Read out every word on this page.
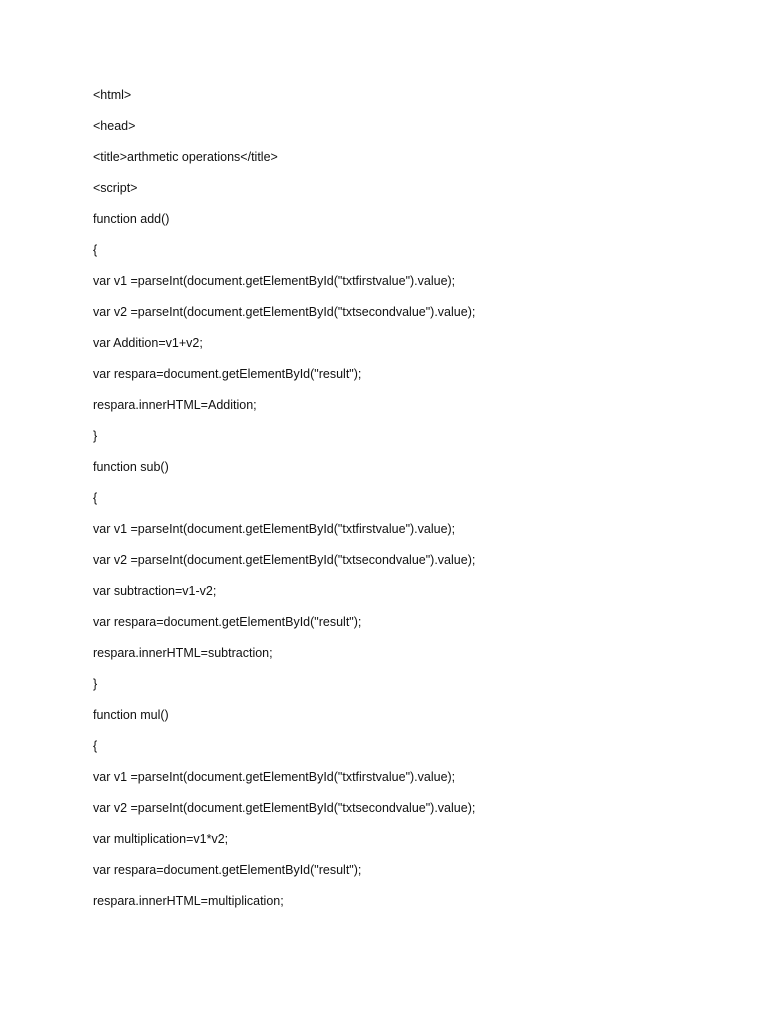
<html>
<head>
<title>arthmetic operations</title>
<script>
function add()
{
var v1 =parseInt(document.getElementById("txtfirstvalue").value);
var v2 =parseInt(document.getElementById("txtsecondvalue").value);
var Addition=v1+v2;
var respara=document.getElementById("result");
respara.innerHTML=Addition;
}
function sub()
{
var v1 =parseInt(document.getElementById("txtfirstvalue").value);
var v2 =parseInt(document.getElementById("txtsecondvalue").value);
var subtraction=v1-v2;
var respara=document.getElementById("result");
respara.innerHTML=subtraction;
}
function mul()
{
var v1 =parseInt(document.getElementById("txtfirstvalue").value);
var v2 =parseInt(document.getElementById("txtsecondvalue").value);
var multiplication=v1*v2;
var respara=document.getElementById("result");
respara.innerHTML=multiplication;
